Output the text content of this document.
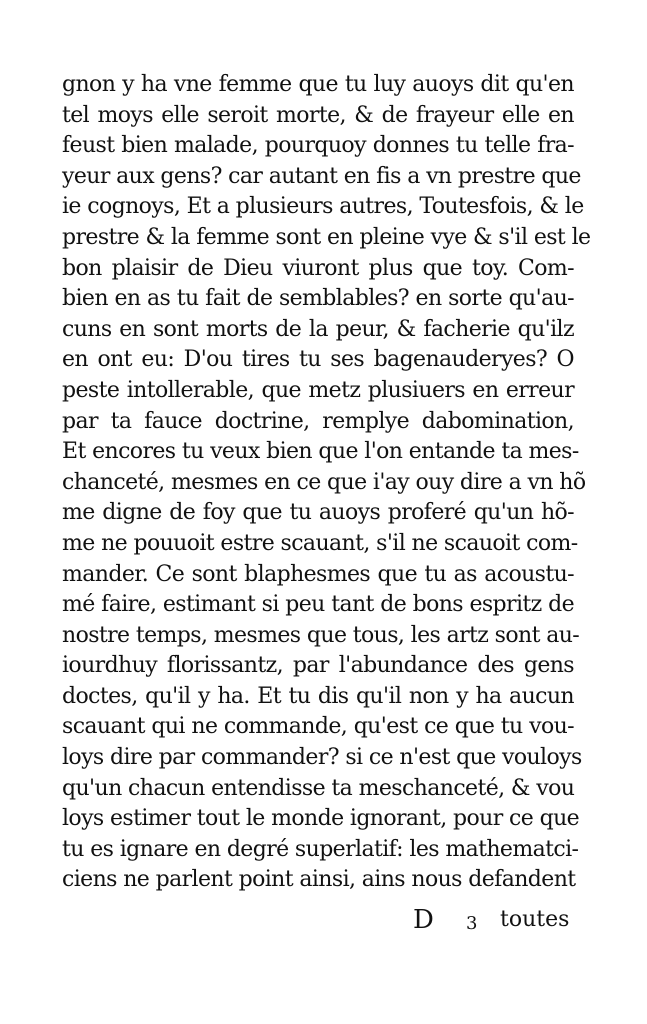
gnon y ha vne femme que tu luy auoys dit qu'en
tel moys elle seroit morte, & de frayeur elle en
feust bien malade, pourquoy donnes tu telle fra-
yeur aux gens? car autant en fis a vn prestre que
ie cognoys, Et a plusieurs autres, Toutesfois, & le
prestre & la femme sont en pleine vye & s'il est le
bon plaisir de Dieu viuront plus que toy. Com-
bien en as tu fait de semblables? en sorte qu'au-
cuns en sont morts de la peur, & facherie qu'ilz
en ont eu: D'ou tires tu ses bagenauderyes? O
peste intollerable, que metz plusiuers en erreur
par ta fauce doctrine, remplye dabomination,
Et encores tu veux bien que l'on entande ta mes-
chanceté, mesmes en ce que i'ay ouy dire a vn hõ
me digne de foy que tu auoys proferé qu'un hõ-
me ne pouuoit estre scauant, s'il ne scauoit com-
mander. Ce sont blaphesmes que tu as acoustu-
mé faire, estimant si peu tant de bons espritz de
nostre temps, mesmes que tous, les artz sont au-
iourdhuy florissantz, par l'abundance des gens
doctes, qu'il y ha. Et tu dis qu'il non y ha aucun
scauant qui ne commande, qu'est ce que tu vou-
loys dire par commander? si ce n'est que vouloys
qu'un chacun entendisse ta meschanceté, & vou
loys estimer tout le monde ignorant, pour ce que
tu es ignare en degré superlatif: les mathematci-
ciens ne parlent point ainsi, ains nous defandent
D 3 toutes
